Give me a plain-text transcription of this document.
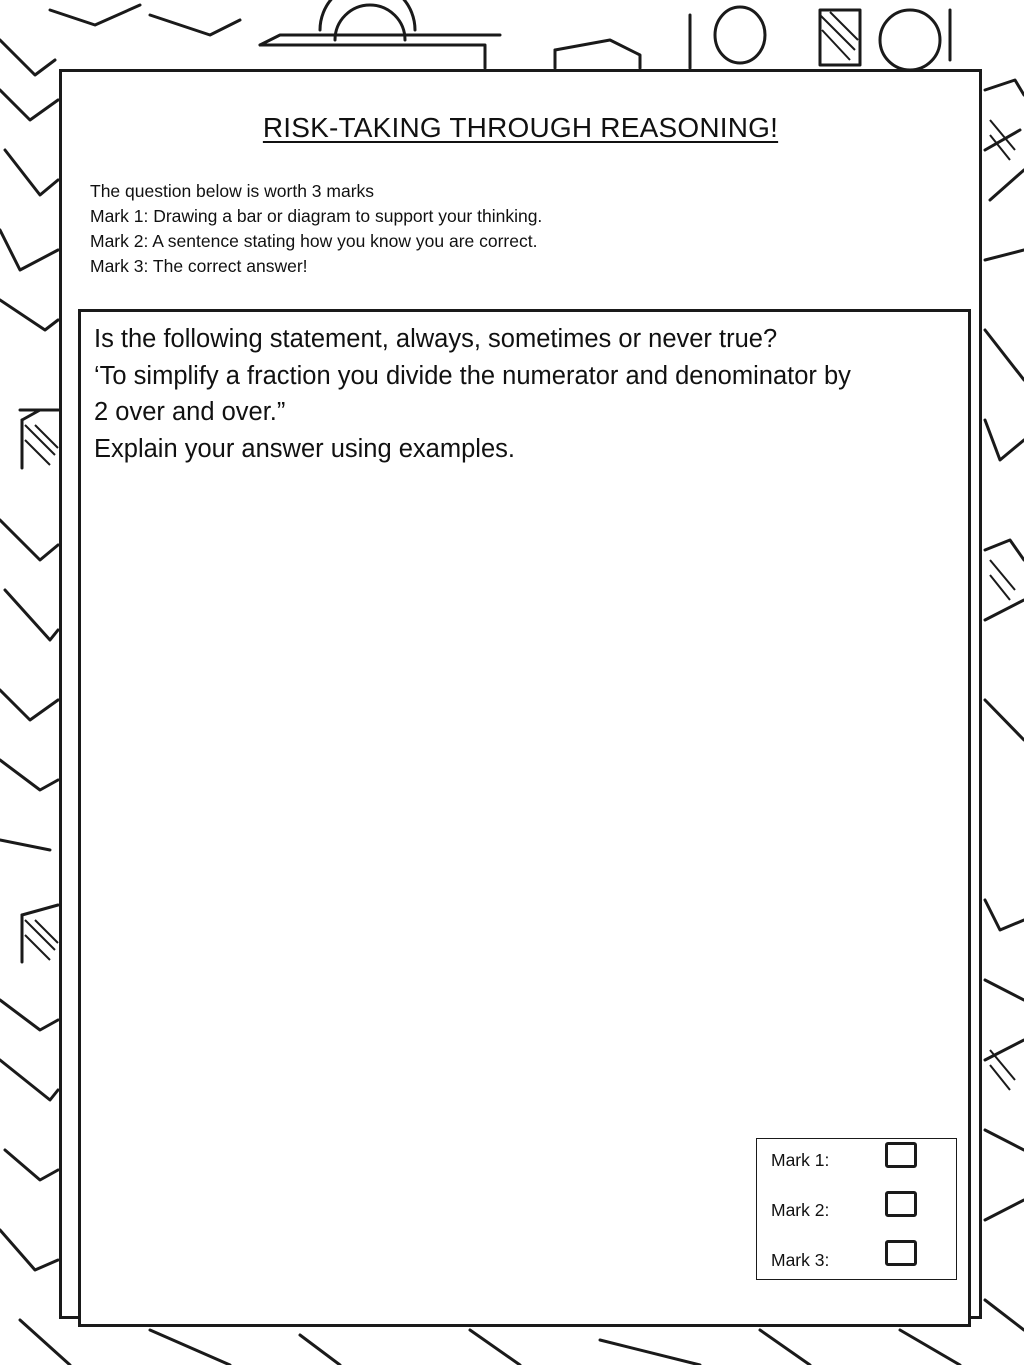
RISK-TAKING THROUGH REASONING!
The question below is worth 3 marks
Mark 1: Drawing a bar or diagram to support your thinking.
Mark 2: A sentence stating how you know you are correct.
Mark 3: The correct answer!
Is the following statement, always, sometimes or never true?
‘To simplify a fraction you divide the numerator and denominator by
2 over and over.”
Explain your answer using examples.
Mark 1:
Mark 2:
Mark 3:
